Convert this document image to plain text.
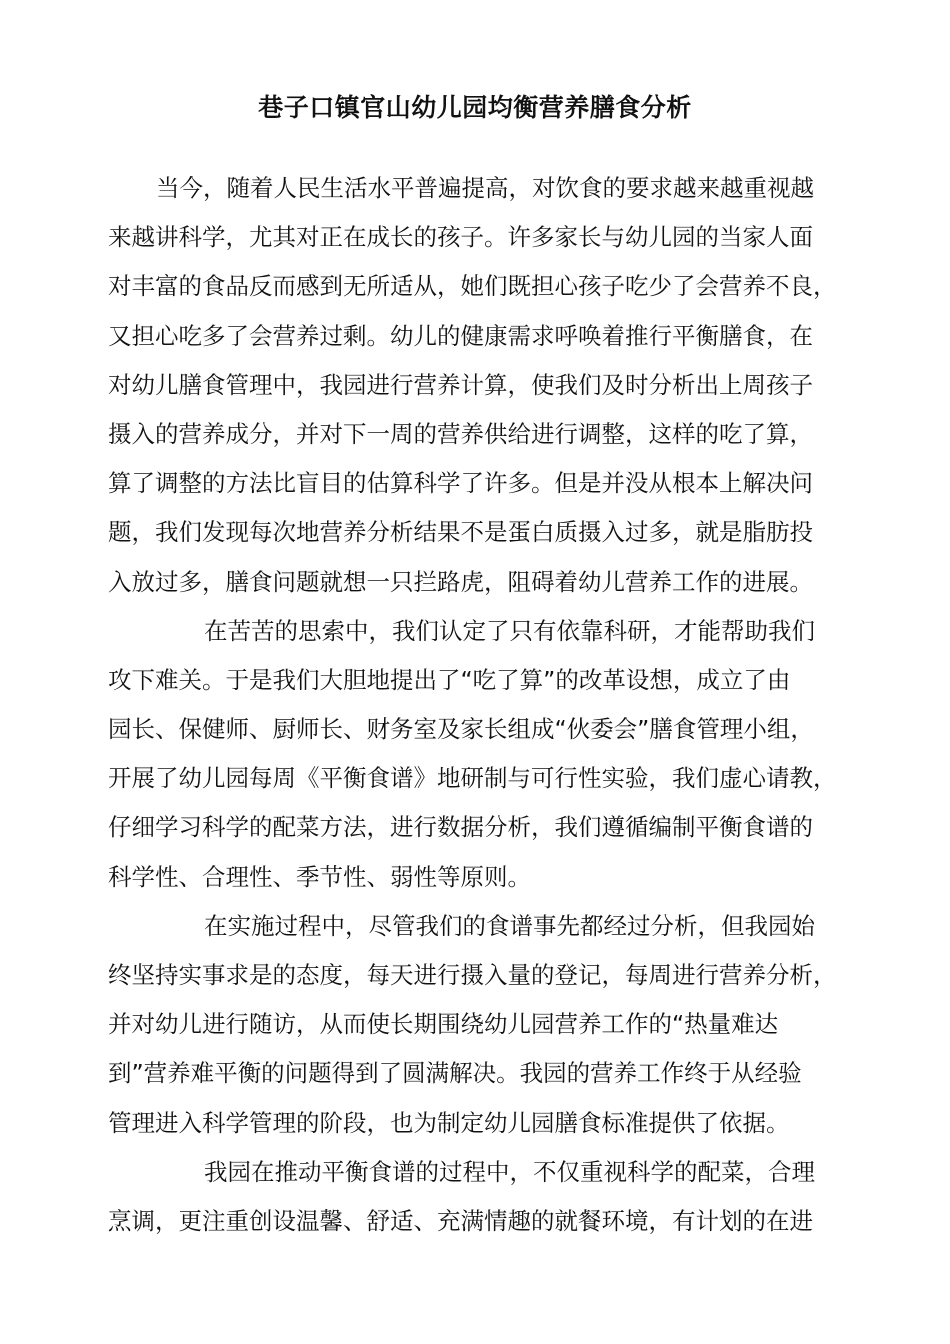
巷子口镇官山幼儿园均衡营养膳食分析
当今，随着人民生活水平普遍提高，对饮食的要求越来越重视越
来越讲科学，尤其对正在成长的孩子。许多家长与幼儿园的当家人面
对丰富的食品反而感到无所适从，她们既担心孩子吃少了会营养不良，
又担心吃多了会营养过剩。幼儿的健康需求呼唤着推行平衡膳食，在
对幼儿膳食管理中，我园进行营养计算，使我们及时分析出上周孩子
摄入的营养成分，并对下一周的营养供给进行调整，这样的吃了算，
算了调整的方法比盲目的估算科学了许多。但是并没从根本上解决问
题，我们发现每次地营养分析结果不是蛋白质摄入过多，就是脂肪投
入放过多，膳食问题就想一只拦路虎，阻碍着幼儿营养工作的进展。
在苦苦的思索中，我们认定了只有依靠科研，才能帮助我们
攻下难关。于是我们大胆地提出了“吃了算”的改革设想，成立了由
园长、保健师、厨师长、财务室及家长组成“伙委会”膳食管理小组，
开展了幼儿园每周《平衡食谱》地研制与可行性实验，我们虚心请教，
仔细学习科学的配菜方法，进行数据分析，我们遵循编制平衡食谱的
科学性、合理性、季节性、弱性等原则。
在实施过程中，尽管我们的食谱事先都经过分析，但我园始
终坚持实事求是的态度，每天进行摄入量的登记，每周进行营养分析，
并对幼儿进行随访，从而使长期围绕幼儿园营养工作的“热量难达
到”营养难平衡的问题得到了圆满解决。我园的营养工作终于从经验
管理进入科学管理的阶段，也为制定幼儿园膳食标准提供了依据。
我园在推动平衡食谱的过程中，不仅重视科学的配菜，合理
烹调，更注重创设温馨、舒适、充满情趣的就餐环境，有计划的在进
